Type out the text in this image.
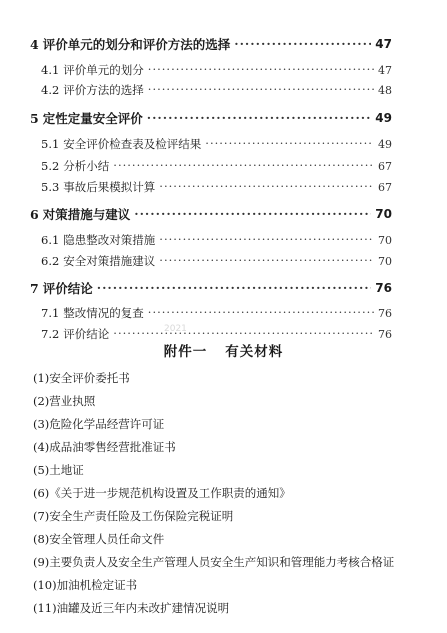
4 评价单元的划分和评价方法的选择 ·····	47
4.1 评价单元的划分 ·····	47
4.2 评价方法的选择 ·····	48
5 定性定量安全评价 ·····	49
5.1 安全评价检查表及检评结果 ·····	49
5.2 分析小结 ·····	67
5.3 事故后果模拟计算 ·····	67
6 对策措施与建议 ·····	70
6.1 隐患整改对策措施 ·····	70
6.2 安全对策措施建议 ·····	70
7 评价结论 ·····	76
7.1 整改情况的复查 ·····	76
7.2 评价结论 ·····	76
2021
附件一 有关材料
(1)安全评价委托书
(2)营业执照
(3)危险化学品经营许可证
(4)成品油零售经营批准证书
(5)土地证
(6)《关于进一步规范机构设置及工作职责的通知》
(7)安全生产责任险及工伤保险完税证明
(8)安全管理人员任命文件
(9)主要负责人及安全生产管理人员安全生产知识和管理能力考核合格证
(10)加油机检定证书
(11)油罐及近三年内未改扩建情况说明
